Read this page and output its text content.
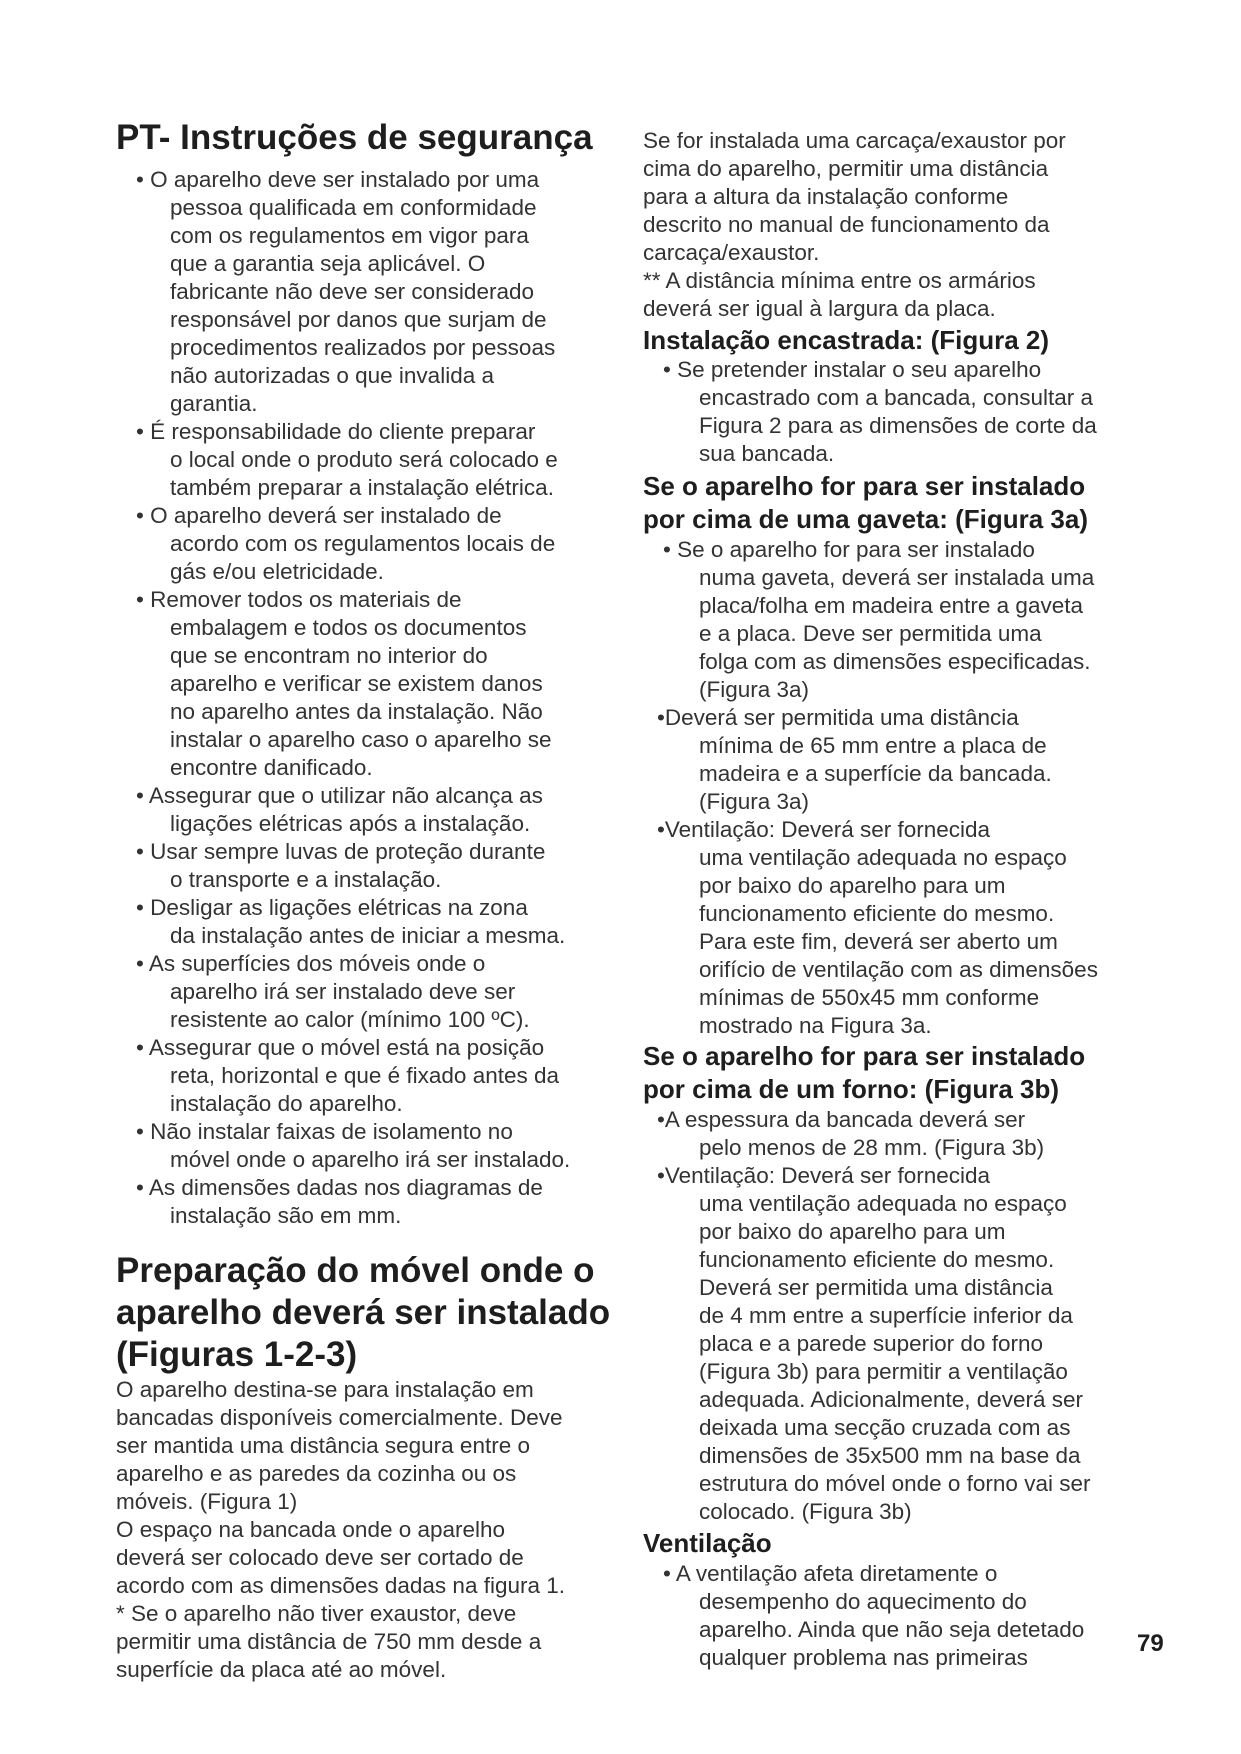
PT- Instruções de segurança
• O aparelho deve ser instalado por uma
pessoa qualificada em conformidade
com os regulamentos em vigor para
que a garantia seja aplicável. O
fabricante não deve ser considerado
responsável por danos que surjam de
procedimentos realizados por pessoas
não autorizadas o que invalida a
garantia.
• É responsabilidade do cliente preparar
o local onde o produto será colocado e
também preparar a instalação elétrica.
• O aparelho deverá ser instalado de
acordo com os regulamentos locais de
gás e/ou eletricidade.
• Remover todos os materiais de
embalagem e todos os documentos
que se encontram no interior do
aparelho e verificar se existem danos
no aparelho antes da instalação. Não
instalar o aparelho caso o aparelho se
encontre danificado.
• Assegurar que o utilizar não alcança as
ligações elétricas após a instalação.
• Usar sempre luvas de proteção durante
o transporte e a instalação.
• Desligar as ligações elétricas na zona
da instalação antes de iniciar a mesma.
• As superfícies dos móveis onde o
aparelho irá ser instalado deve ser
resistente ao calor (mínimo 100 ºC).
• Assegurar que o móvel está na posição
reta, horizontal e que é fixado antes da
instalação do aparelho.
• Não instalar faixas de isolamento no
móvel onde o aparelho irá ser instalado.
• As dimensões dadas nos diagramas de
instalação são em mm.
Preparação do móvel onde o
aparelho deverá ser instalado
(Figuras 1-2-3)
O aparelho destina-se para instalação em
bancadas disponíveis comercialmente. Deve
ser mantida uma distância segura entre o
aparelho e as paredes da cozinha ou os
móveis. (Figura 1)
O espaço na bancada onde o aparelho
deverá ser colocado deve ser cortado de
acordo com as dimensões dadas na figura 1.
* Se o aparelho não tiver exaustor, deve
permitir uma distância de 750 mm desde a
superfície da placa até ao móvel.
Se for instalada uma carcaça/exaustor por
cima do aparelho, permitir uma distância
para a altura da instalação conforme
descrito no manual de funcionamento da
carcaça/exaustor.
** A distância mínima entre os armários
deverá ser igual à largura da placa.
Instalação encastrada: (Figura 2)
• Se pretender instalar o seu aparelho
encastrado com a bancada, consultar a
Figura 2 para as dimensões de corte da
sua bancada.
Se o aparelho for para ser instalado
por cima de uma gaveta: (Figura 3a)
• Se o aparelho for para ser instalado
numa gaveta, deverá ser instalada uma
placa/folha em madeira entre a gaveta
e a placa. Deve ser permitida uma
folga com as dimensões especificadas.
(Figura 3a)
•Deverá ser permitida uma distância
mínima de 65 mm entre a placa de
madeira e a superfície da bancada.
(Figura 3a)
•Ventilação: Deverá ser fornecida
uma ventilação adequada no espaço
por baixo do aparelho para um
funcionamento eficiente do mesmo.
Para este fim, deverá ser aberto um
orifício de ventilação com as dimensões
mínimas de 550x45 mm conforme
mostrado na Figura 3a.
Se o aparelho for para ser instalado
por cima de um forno: (Figura 3b)
•A espessura da bancada deverá ser
pelo menos de 28 mm. (Figura 3b)
•Ventilação: Deverá ser fornecida
uma ventilação adequada no espaço
por baixo do aparelho para um
funcionamento eficiente do mesmo.
Deverá ser permitida uma distância
de 4 mm entre a superfície inferior da
placa e a parede superior do forno
(Figura 3b) para permitir a ventilação
adequada. Adicionalmente, deverá ser
deixada uma secção cruzada com as
dimensões de 35x500 mm na base da
estrutura do móvel onde o forno vai ser
colocado. (Figura 3b)
Ventilação
• A ventilação afeta diretamente o
desempenho do aquecimento do
aparelho. Ainda que não seja detetado
qualquer problema nas primeiras
79
